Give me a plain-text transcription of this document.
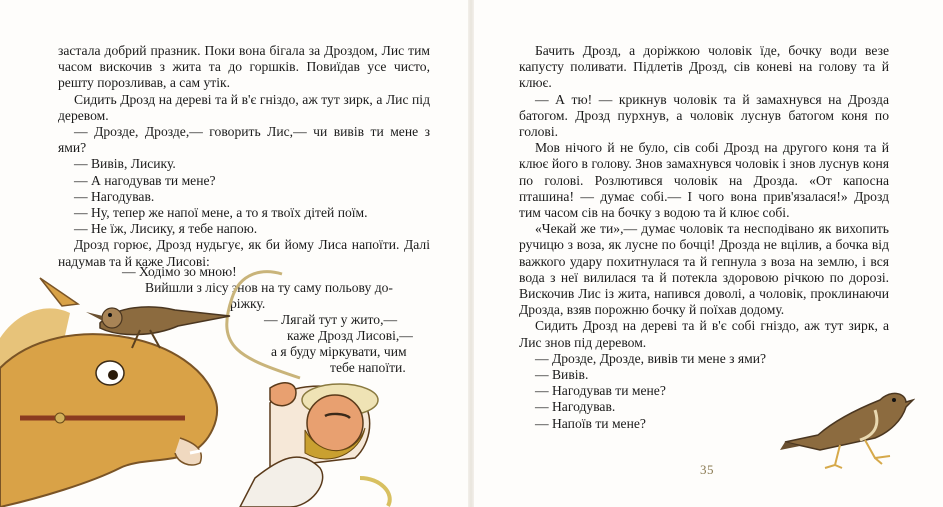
застала добрий празник. Поки вона бігала за Дроздом, Лис тим часом вискочив з жита та до горшків. Повиїдав усе чисто, решту порозливав, а сам утік.

Сидить Дрозд на дереві та й в'є гніздо, аж тут зирк, а Лис під деревом.

— Дрозде, Дрозде,— говорить Лис,— чи вивів ти мене з ями?

— Вивів, Лисику.

— А нагодував ти мене?

— Нагодував.

— Ну, тепер же напої мене, а то я твоїх дітей поїм.

— Не їж, Лисику, я тебе напою.

Дрозд горює, Дрозд нудьгує, як би йому Лиса напоїти. Далі надумав та й каже Лисові:

— Ходімо зо мною!

Вийшли з лісу знов на ту саму польову до-

ріжку.

— Лягай тут у жито,—

каже Дрозд Лисові,—

а я буду міркувати, чим

тебе напоїти.

Бачить Дрозд, а доріжкою чоловік їде, бочку води везе капусту поливати. Підлетів Дрозд, сів коневі на голову та й клює.

— А тю! — крикнув чоловік та й замахнувся на Дрозда батогом. Дрозд пурхнув, а чоловік луснув батогом коня по голові.

Мов нічого й не було, сів собі Дрозд на другого коня та й клює його в голову. Знов замахнувся чоловік і знов луснув коня по голові. Розлютився чоловік на Дрозда. «От капосна пташина! — думає собі.— І чого вона прив'язалася!» Дрозд тим часом сів на бочку з водою та й клює собі.

«Чекай же ти»,— думає чоловік та несподівано як вихопить ручицю з воза, як лусне по бочці! Дрозда не вцілив, а бочка від важкого удару похитнулася та й гепнула з воза на землю, і вся вода з неї вилилася та й потекла здоровою річкою по дорозі. Вискочив Лис із жита, напився доволі, а чоловік, проклинаючи Дрозда, взяв порожню бочку й поїхав додому.

Сидить Дрозд на дереві та й в'є собі гніздо, аж тут зирк, а Лис знов під деревом.

— Дрозде, Дрозде, вивів ти мене з ями?

— Вивів.

— Нагодував ти мене?

— Нагодував.

— Напоїв ти мене?

35
